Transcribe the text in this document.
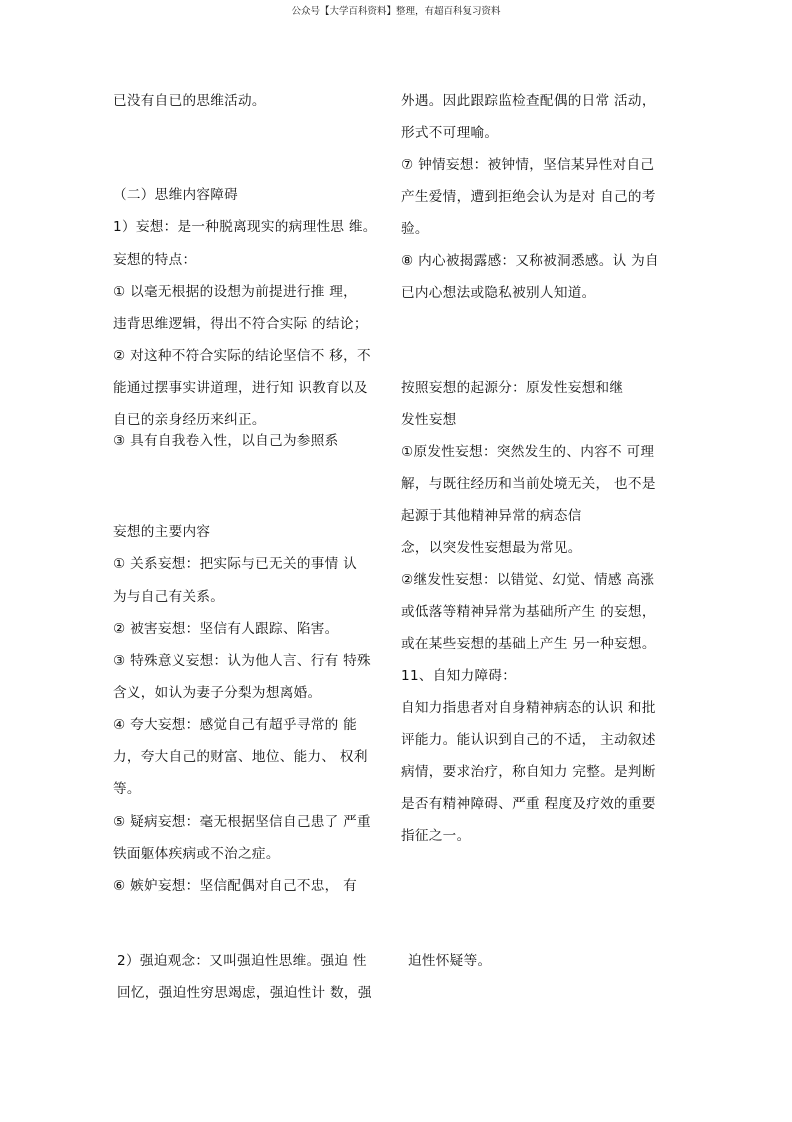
公众号【大学百科资料】整理，有超百科复习资料
已没有自已的思维活动。
（二）思维内容障碍
1）妄想：是一种脱离现实的病理性思 维。
妄想的特点：
① 以毫无根据的设想为前提进行推 理，
违背思维逻辑，得出不符合实际 的结论；
② 对这种不符合实际的结论坚信不 移，不
能通过摆事实讲道理，进行知 识教育以及
自已的亲身经历来纠正。
③ 具有自我卷入性，以自己为参照系
妄想的主要内容
① 关系妄想：把实际与已无关的事情 认
为与自己有关系。
② 被害妄想：坚信有人跟踪、陷害。
③ 特殊意义妄想：认为他人言、行有 特殊
含义，如认为妻子分梨为想离婚。
④ 夸大妄想：感觉自己有超乎寻常的 能
力，夸大自己的财富、地位、能力、 权利
等。
⑤ 疑病妄想：毫无根据坚信自己患了 严重
铁面躯体疾病或不治之症。
⑥ 嫉妒妄想：坚信配偶对自己不忠， 有
外遇。因此跟踪监检查配偶的日常 活动，
形式不可理喻。
⑦ 钟情妄想：被钟情，坚信某异性对自己
产生爱情，遭到拒绝会认为是对 自己的考
验。
⑧ 内心被揭露感：又称被洞悉感。认 为自
已内心想法或隐私被别人知道。
按照妄想的起源分：原发性妄想和继
发性妄想
①原发性妄想：突然发生的、内容不 可理
解，与既往经历和当前处境无关， 也不是
起源于其他精神异常的病态信
念，以突发性妄想最为常见。
②继发性妄想：以错觉、幻觉、情感 高涨
或低落等精神异常为基础所产生 的妄想，
或在某些妄想的基础上产生 另一种妄想。
11、自知力障碍：
自知力指患者对自身精神病态的认识 和批
评能力。能认识到自己的不适， 主动叙述
病情，要求治疗，称自知力 完整。是判断
是否有精神障碍、严重 程度及疗效的重要
指征之一。
2）强迫观念：又叫强迫性思维。强迫 性
回忆，强迫性穷思竭虑，强迫性计 数，强
迫性怀疑等。
